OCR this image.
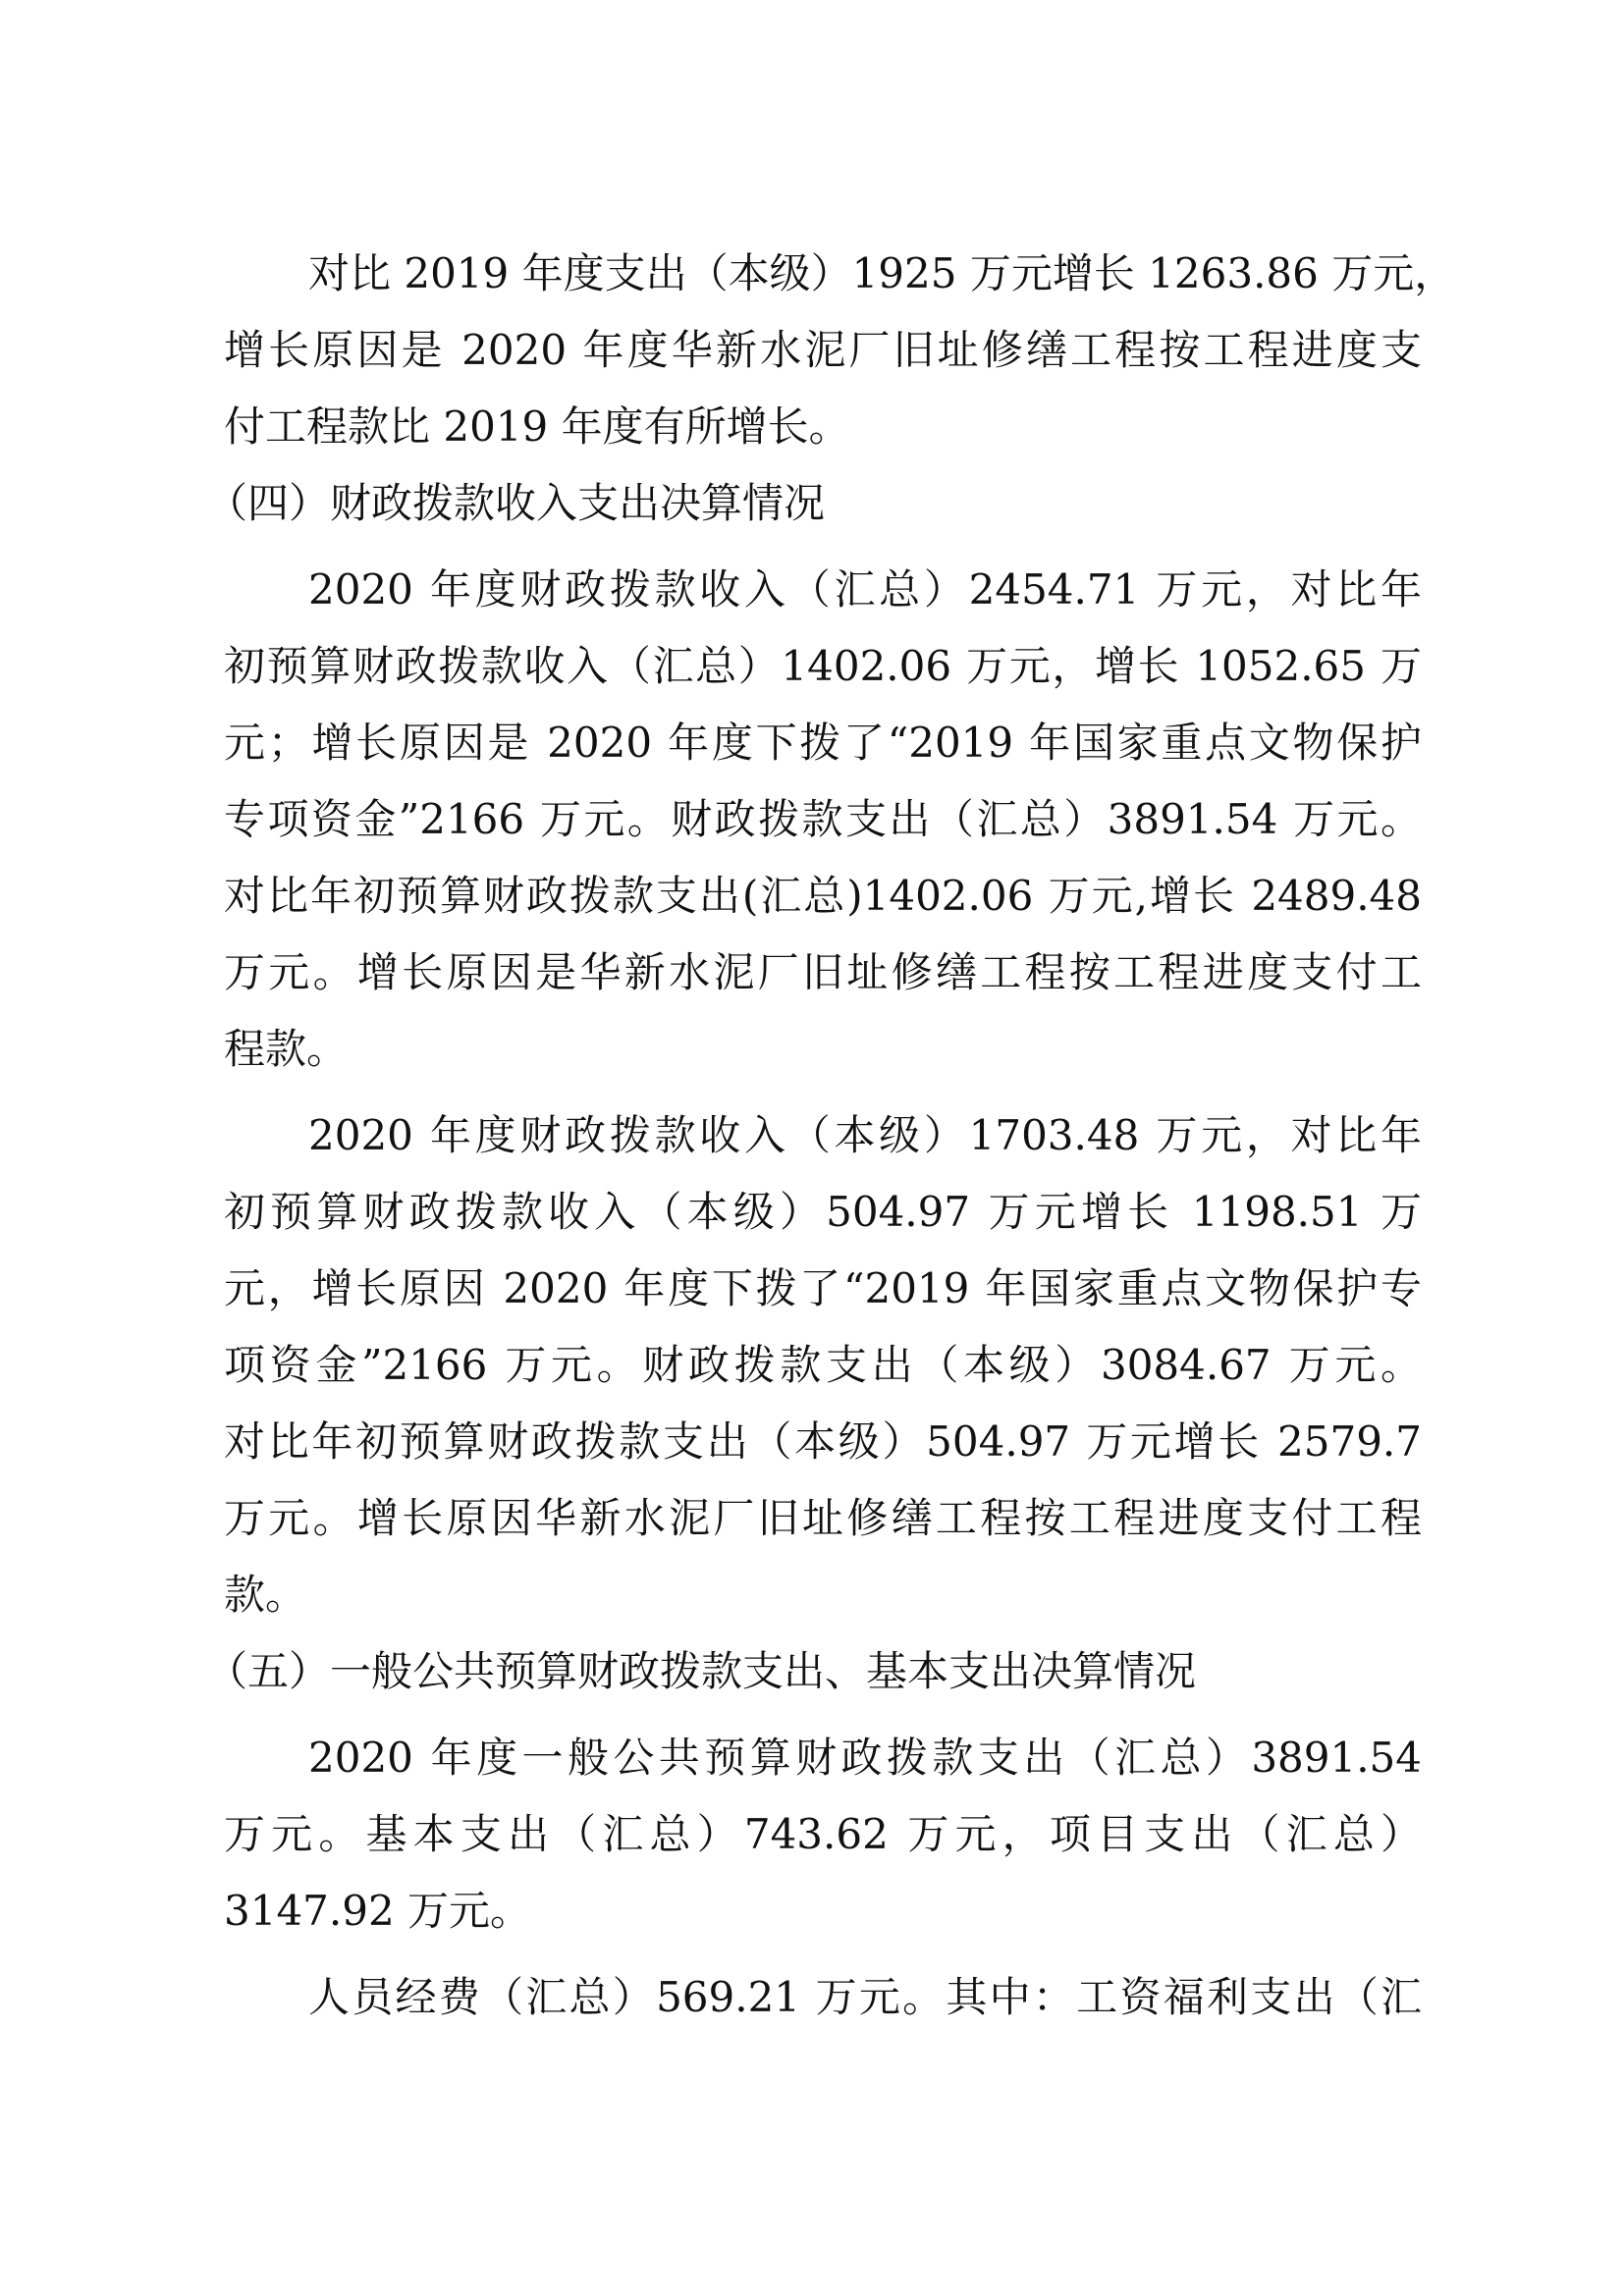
对比 2019 年度支出（本级）1925 万元增长 1263.86 万元，
增长原因是 2020 年度华新水泥厂旧址修缮工程按工程进度支
付工程款比 2019 年度有所增长。
（四）财政拨款收入支出决算情况
2020 年度财政拨款收入（汇总）2454.71 万元，对比年
初预算财政拨款收入（汇总）1402.06 万元，增长 1052.65 万
元；增长原因是 2020 年度下拨了“2019 年国家重点文物保护
专项资金”2166 万元。财政拨款支出（汇总）3891.54 万元。
对比年初预算财政拨款支出(汇总)1402.06 万元,增长 2489.48
万元。增长原因是华新水泥厂旧址修缮工程按工程进度支付工
程款。
2020 年度财政拨款收入（本级）1703.48 万元，对比年
初预算财政拨款收入（本级）504.97 万元增长 1198.51 万
元，增长原因 2020 年度下拨了“2019 年国家重点文物保护专
项资金”2166 万元。财政拨款支出（本级）3084.67 万元。
对比年初预算财政拨款支出（本级）504.97 万元增长 2579.7
万元。增长原因华新水泥厂旧址修缮工程按工程进度支付工程
款。
（五）一般公共预算财政拨款支出、基本支出决算情况
2020 年度一般公共预算财政拨款支出（汇总）3891.54
万元。基本支出（汇总）743.62 万元，项目支出（汇总）
3147.92 万元。
人员经费（汇总）569.21 万元。其中：工资福利支出（汇
